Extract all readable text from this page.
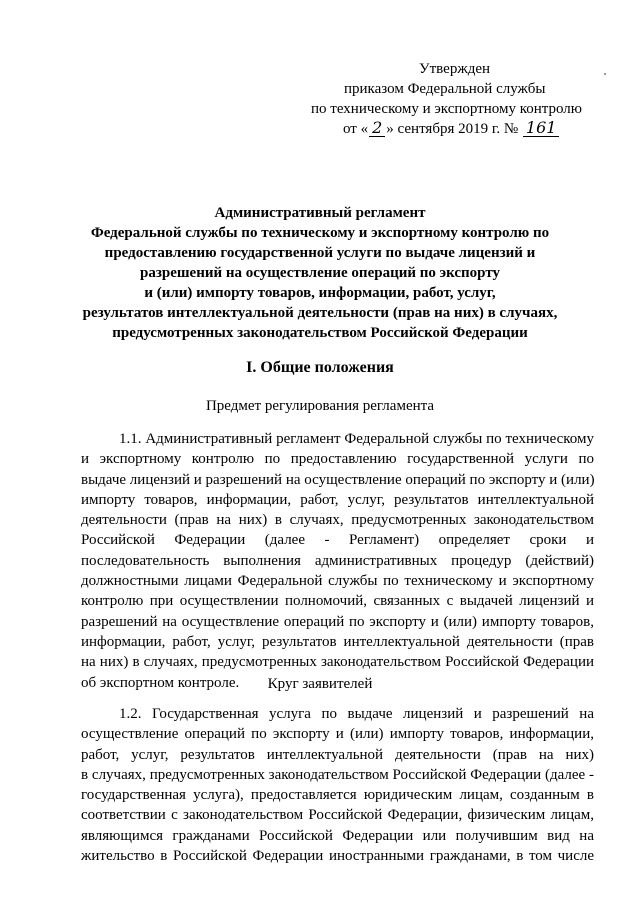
Утвержден
приказом Федеральной службы
по техническому и экспортному контролю
от « 2 » сентября 2019 г. № 161
Административный регламент
Федеральной службы по техническому и экспортному контролю по
предоставлению государственной услуги по выдаче лицензий и
разрешений на осуществление операций по экспорту
и (или) импорту товаров, информации, работ, услуг,
результатов интеллектуальной деятельности (прав на них) в случаях,
предусмотренных законодательством Российской Федерации
I. Общие положения
Предмет регулирования регламента
1.1. Административный регламент Федеральной службы по техническому
и экспортному контролю по предоставлению государственной услуги по
выдаче лицензий и разрешений на осуществление операций по экспорту и (или)
импорту товаров, информации, работ, услуг, результатов интеллектуальной
деятельности (прав на них) в случаях, предусмотренных законодательством
Российской Федерации (далее - Регламент) определяет сроки и
последовательность выполнения административных процедур (действий)
должностными лицами Федеральной службы по техническому и экспортному
контролю при осуществлении полномочий, связанных с выдачей лицензий и
разрешений на осуществление операций по экспорту и (или) импорту товаров,
информации, работ, услуг, результатов интеллектуальной деятельности (прав
на них) в случаях, предусмотренных законодательством Российской Федерации
об экспортном контроле.	Круг заявителей
1.2. Государственная услуга по выдаче лицензий и разрешений на
осуществление операций по экспорту и (или) импорту товаров, информации,
работ, услуг, результатов интеллектуальной деятельности (прав на них)
в случаях, предусмотренных законодательством Российской Федерации (далее -
государственная услуга), предоставляется юридическим лицам, созданным в
соответствии с законодательством Российской Федерации, физическим лицам,
являющимся гражданами Российской Федерации или получившим вид на
жительство в Российской Федерации иностранными гражданами, в том числе
